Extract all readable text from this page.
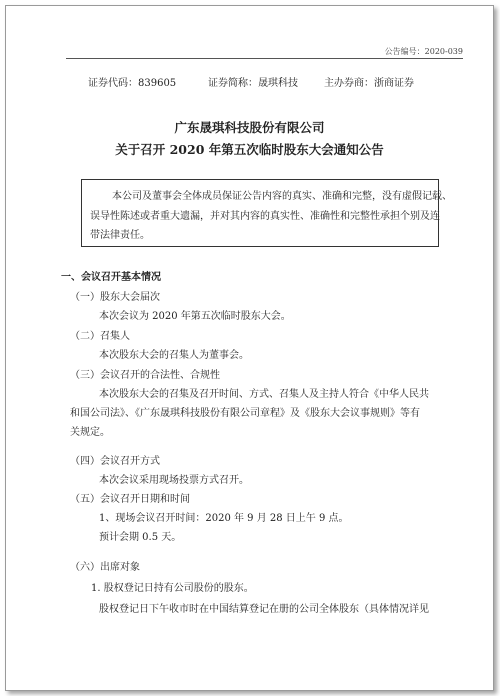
公告编号：2020-039
证券代码：839605	证券简称：晟琪科技	主办券商：浙商证券
广东晟琪科技股份有限公司
关于召开 2020 年第五次临时股东大会通知公告
本公司及董事会全体成员保证公告内容的真实、准确和完整，没有虚假记载、
误导性陈述或者重大遗漏，并对其内容的真实性、准确性和完整性承担个别及连
带法律责任。
一、会议召开基本情况
（一）股东大会届次
本次会议为 2020 年第五次临时股东大会。
（二）召集人
本次股东大会的召集人为董事会。
（三）会议召开的合法性、合规性
本次股东大会的召集及召开时间、方式、召集人及主持人符合《中华人民共
和国公司法》、《广东晟琪科技股份有限公司章程》及《股东大会议事规则》等有
关规定。
（四）会议召开方式
本次会议采用现场投票方式召开。
（五）会议召开日期和时间
1、现场会议召开时间：2020 年 9 月 28 日上午 9 点。
预计会期 0.5 天。
（六）出席对象
1. 股权登记日持有公司股份的股东。
股权登记日下午收市时在中国结算登记在册的公司全体股东（具体情况详见
